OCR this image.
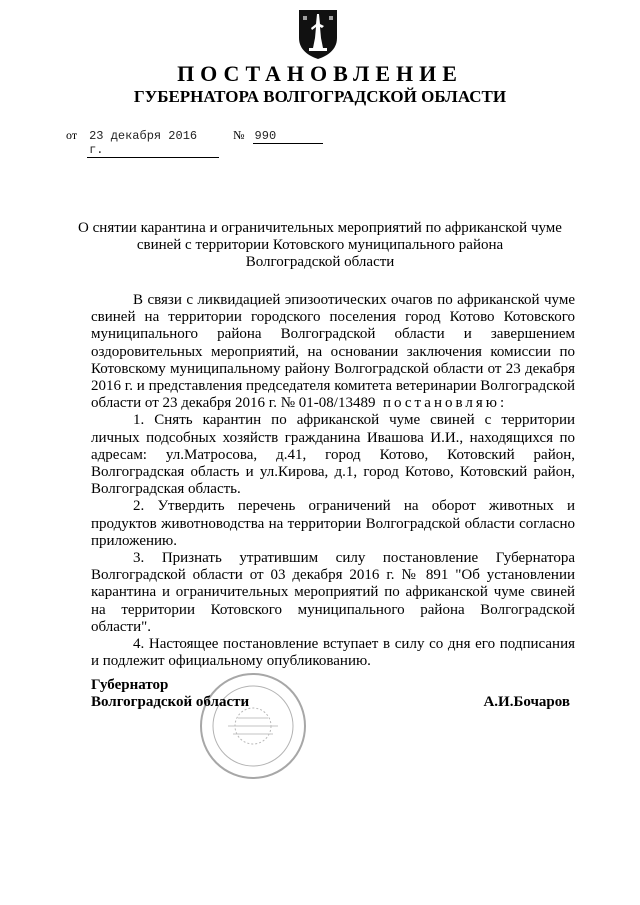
ПОСТАНОВЛЕНИЕ
ГУБЕРНАТОРА ВОЛГОГРАДСКОЙ ОБЛАСТИ
от 23 декабря 2016 г.
№ 990
О снятии карантина и ограничительных мероприятий по африканской чуме
свиней с территории Котовского муниципального района
Волгоградской области

В связи с ликвидацией эпизоотических очагов по африканской чуме свиней на территории городского поселения город Котово Котовского муниципального района Волгоградской области и завершением оздоровительных мероприятий, на основании заключения комиссии по Котовскому муниципальному району Волгоградской области от 23 декабря 2016 г. и представления председателя комитета ветеринарии Волгоградской области от 23 декабря 2016 г. № 01-08/13489 постановляю:

1. Снять карантин по африканской чуме свиней с территории личных подсобных хозяйств гражданина Ивашова И.И., находящихся по адресам: ул.Матросова, д.41, город Котово, Котовский район, Волгоградская область и ул.Кирова, д.1, город Котово, Котовский район, Волгоградская область.

2. Утвердить перечень ограничений на оборот животных и продуктов животноводства на территории Волгоградской области согласно приложению.

3. Признать утратившим силу постановление Губернатора Волгоградской области от 03 декабря 2016 г. № 891 "Об установлении карантина и ограничительных мероприятий по африканской чуме свиней на территории Котовского муниципального района Волгоградской области".

4. Настоящее постановление вступает в силу со дня его подписания и подлежит официальному опубликованию.

Губернатор
Волгоградской области	А.И.Бочаров
